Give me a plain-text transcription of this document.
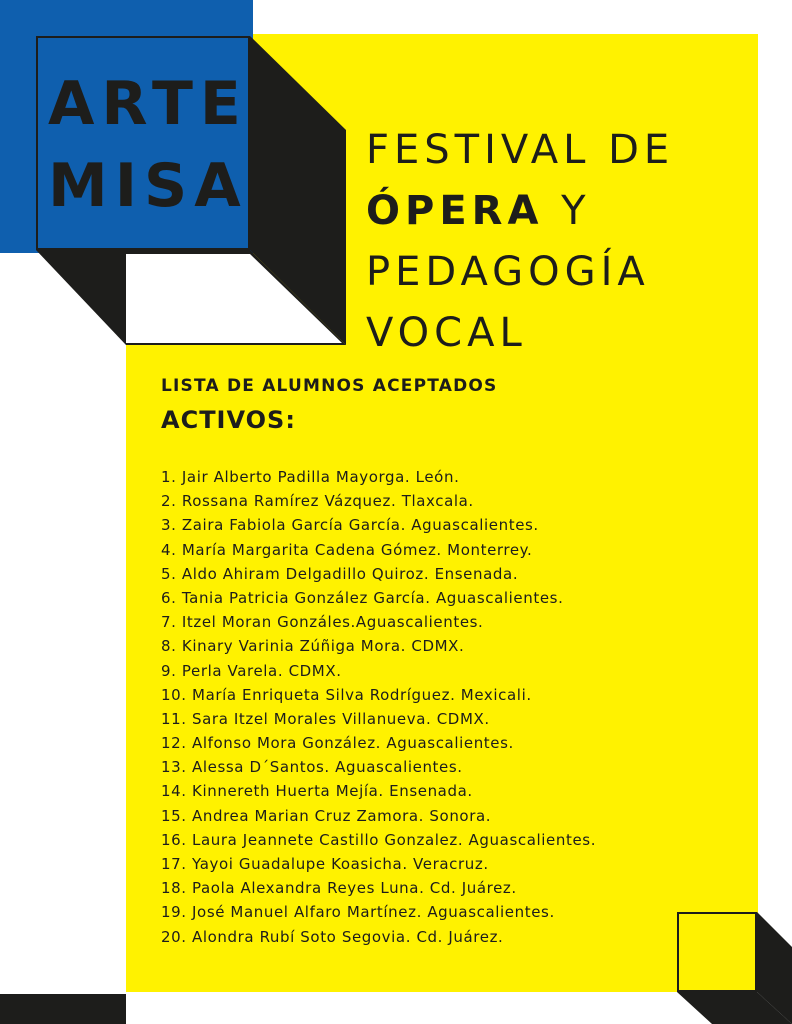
ARTE
MISA
FESTIVAL DE
ÓPERA Y
PEDAGOGÍA
VOCAL
LISTA DE ALUMNOS ACEPTADOS
ACTIVOS:
1. Jair Alberto Padilla Mayorga. León.
2. Rossana Ramírez Vázquez. Tlaxcala.
3. Zaira Fabiola García García. Aguascalientes.
4. María Margarita Cadena Gómez. Monterrey.
5. Aldo Ahiram Delgadillo Quiroz. Ensenada.
6. Tania Patricia González García. Aguascalientes.
7. Itzel Moran Gonzáles.Aguascalientes.
8. Kinary Varinia Zúñiga Mora. CDMX.
9. Perla Varela. CDMX.
10. María Enriqueta Silva Rodríguez. Mexicali.
11. Sara Itzel Morales Villanueva. CDMX.
12. Alfonso Mora González. Aguascalientes.
13. Alessa D´Santos. Aguascalientes.
14. Kinnereth Huerta Mejía. Ensenada.
15. Andrea Marian Cruz Zamora. Sonora.
16. Laura Jeannete Castillo Gonzalez. Aguascalientes.
17. Yayoi Guadalupe Koasicha. Veracruz.
18. Paola Alexandra Reyes Luna. Cd. Juárez.
19. José Manuel Alfaro Martínez. Aguascalientes.
20. Alondra Rubí Soto Segovia. Cd. Juárez.
